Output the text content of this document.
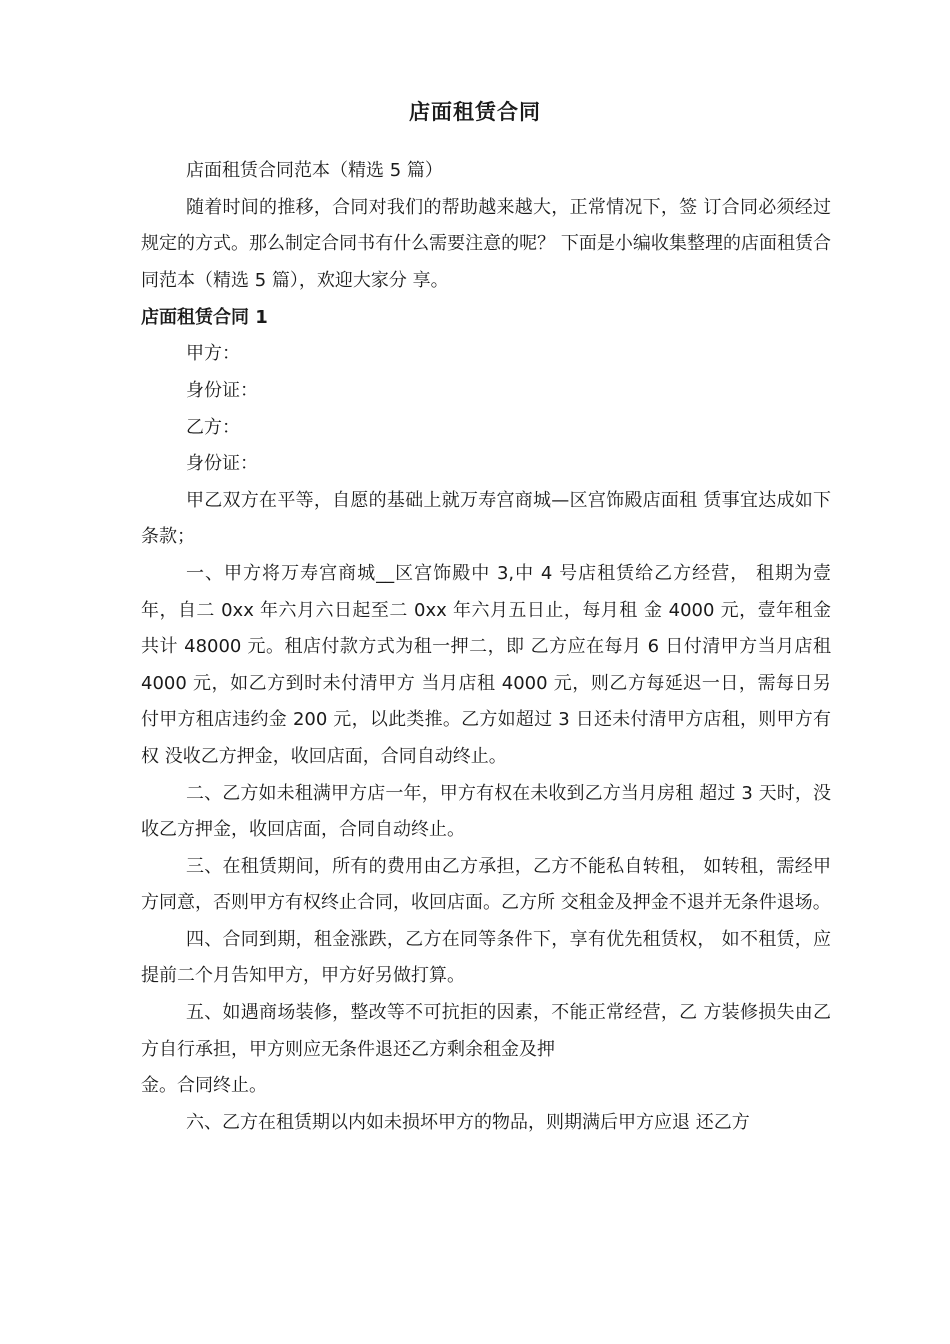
店面租赁合同

店面租赁合同范本（精选 5 篇）

随着时间的推移，合同对我们的帮助越来越大，正常情况下，签 订合同必须经过规定的方式。那么制定合同书有什么需要注意的呢？ 下面是小编收集整理的店面租赁合同范本（精选 5 篇），欢迎大家分 享。

店面租赁合同 1

甲方：

身份证：

乙方：

身份证：

甲乙双方在平等，自愿的基础上就万寿宫商城—区宫饰殿店面租 赁事宜达成如下条款；

一、甲方将万寿宫商城__区宫饰殿中 3,中 4 号店租赁给乙方经营， 租期为壹年，自二 0xx 年六月六日起至二 0xx 年六月五日止，每月租 金 4000 元，壹年租金共计 48000 元。租店付款方式为租一押二，即 乙方应在每月 6 日付清甲方当月店租 4000 元，如乙方到时未付清甲方 当月店租 4000 元，则乙方每延迟一日，需每日另付甲方租店违约金 200 元，以此类推。乙方如超过 3 日还未付清甲方店租，则甲方有权 没收乙方押金，收回店面，合同自动终止。

二、乙方如未租满甲方店一年，甲方有权在未收到乙方当月房租 超过 3 天时，没收乙方押金，收回店面，合同自动终止。

三、在租赁期间，所有的费用由乙方承担，乙方不能私自转租， 如转租，需经甲方同意，否则甲方有权终止合同，收回店面。乙方所 交租金及押金不退并无条件退场。

四、合同到期，租金涨跌，乙方在同等条件下，享有优先租赁权， 如不租赁，应提前二个月告知甲方，甲方好另做打算。

五、如遇商场装修，整改等不可抗拒的因素，不能正常经营，乙 方装修损失由乙方自行承担，甲方则应无条件退还乙方剩余租金及押

金。合同终止。

六、乙方在租赁期以内如未损坏甲方的物品，则期满后甲方应退 还乙方
